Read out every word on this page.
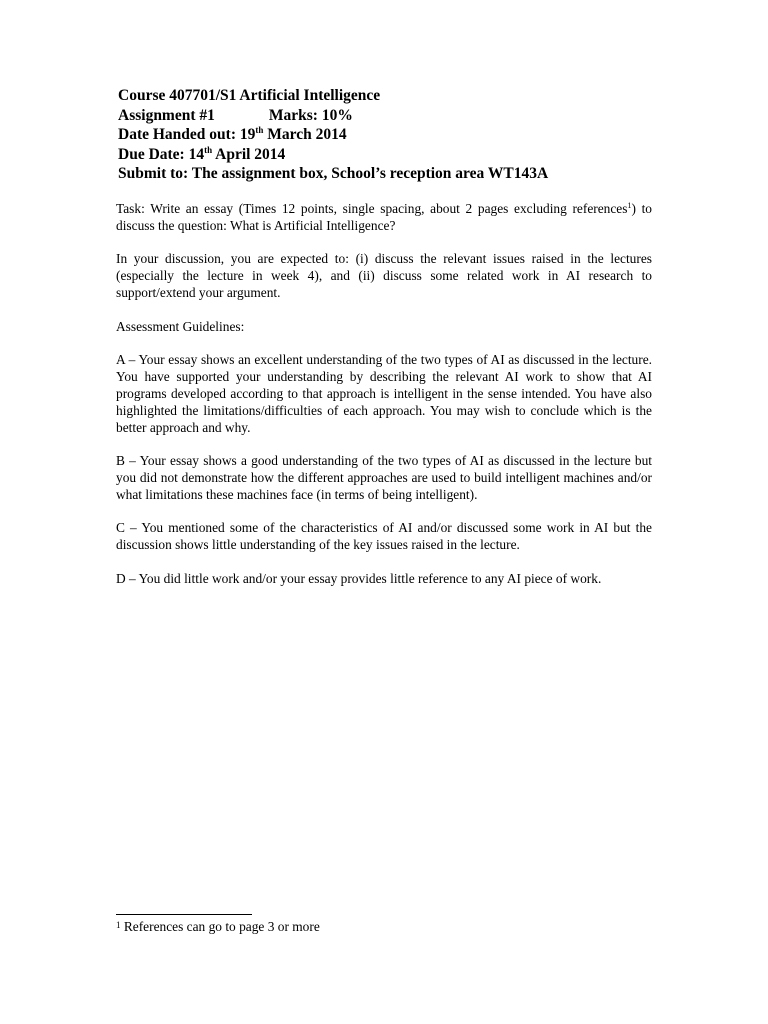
Course 407701/S1 Artificial Intelligence
Assignment #1	Marks: 10%
Date Handed out: 19th March 2014
Due Date: 14th April 2014
Submit to: The assignment box, School’s reception area WT143A

Task: Write an essay (Times 12 points, single spacing, about 2 pages excluding references$^1$) to discuss the question: What is Artificial Intelligence?

In your discussion, you are expected to: (i) discuss the relevant issues raised in the lectures (especially the lecture in week 4), and (ii) discuss some related work in AI research to support/extend your argument.

Assessment Guidelines:

A – Your essay shows an excellent understanding of the two types of AI as discussed in the lecture. You have supported your understanding by describing the relevant AI work to show that AI programs developed according to that approach is intelligent in the sense intended. You have also highlighted the limitations/difficulties of each approach. You may wish to conclude which is the better approach and why.

B – Your essay shows a good understanding of the two types of AI as discussed in the lecture but you did not demonstrate how the different approaches are used to build intelligent machines and/or what limitations these machines face (in terms of being intelligent).

C – You mentioned some of the characteristics of AI and/or discussed some work in AI but the discussion shows little understanding of the key issues raised in the lecture.

D – You did little work and/or your essay provides little reference to any AI piece of work.

$^1$ References can go to page 3 or more
